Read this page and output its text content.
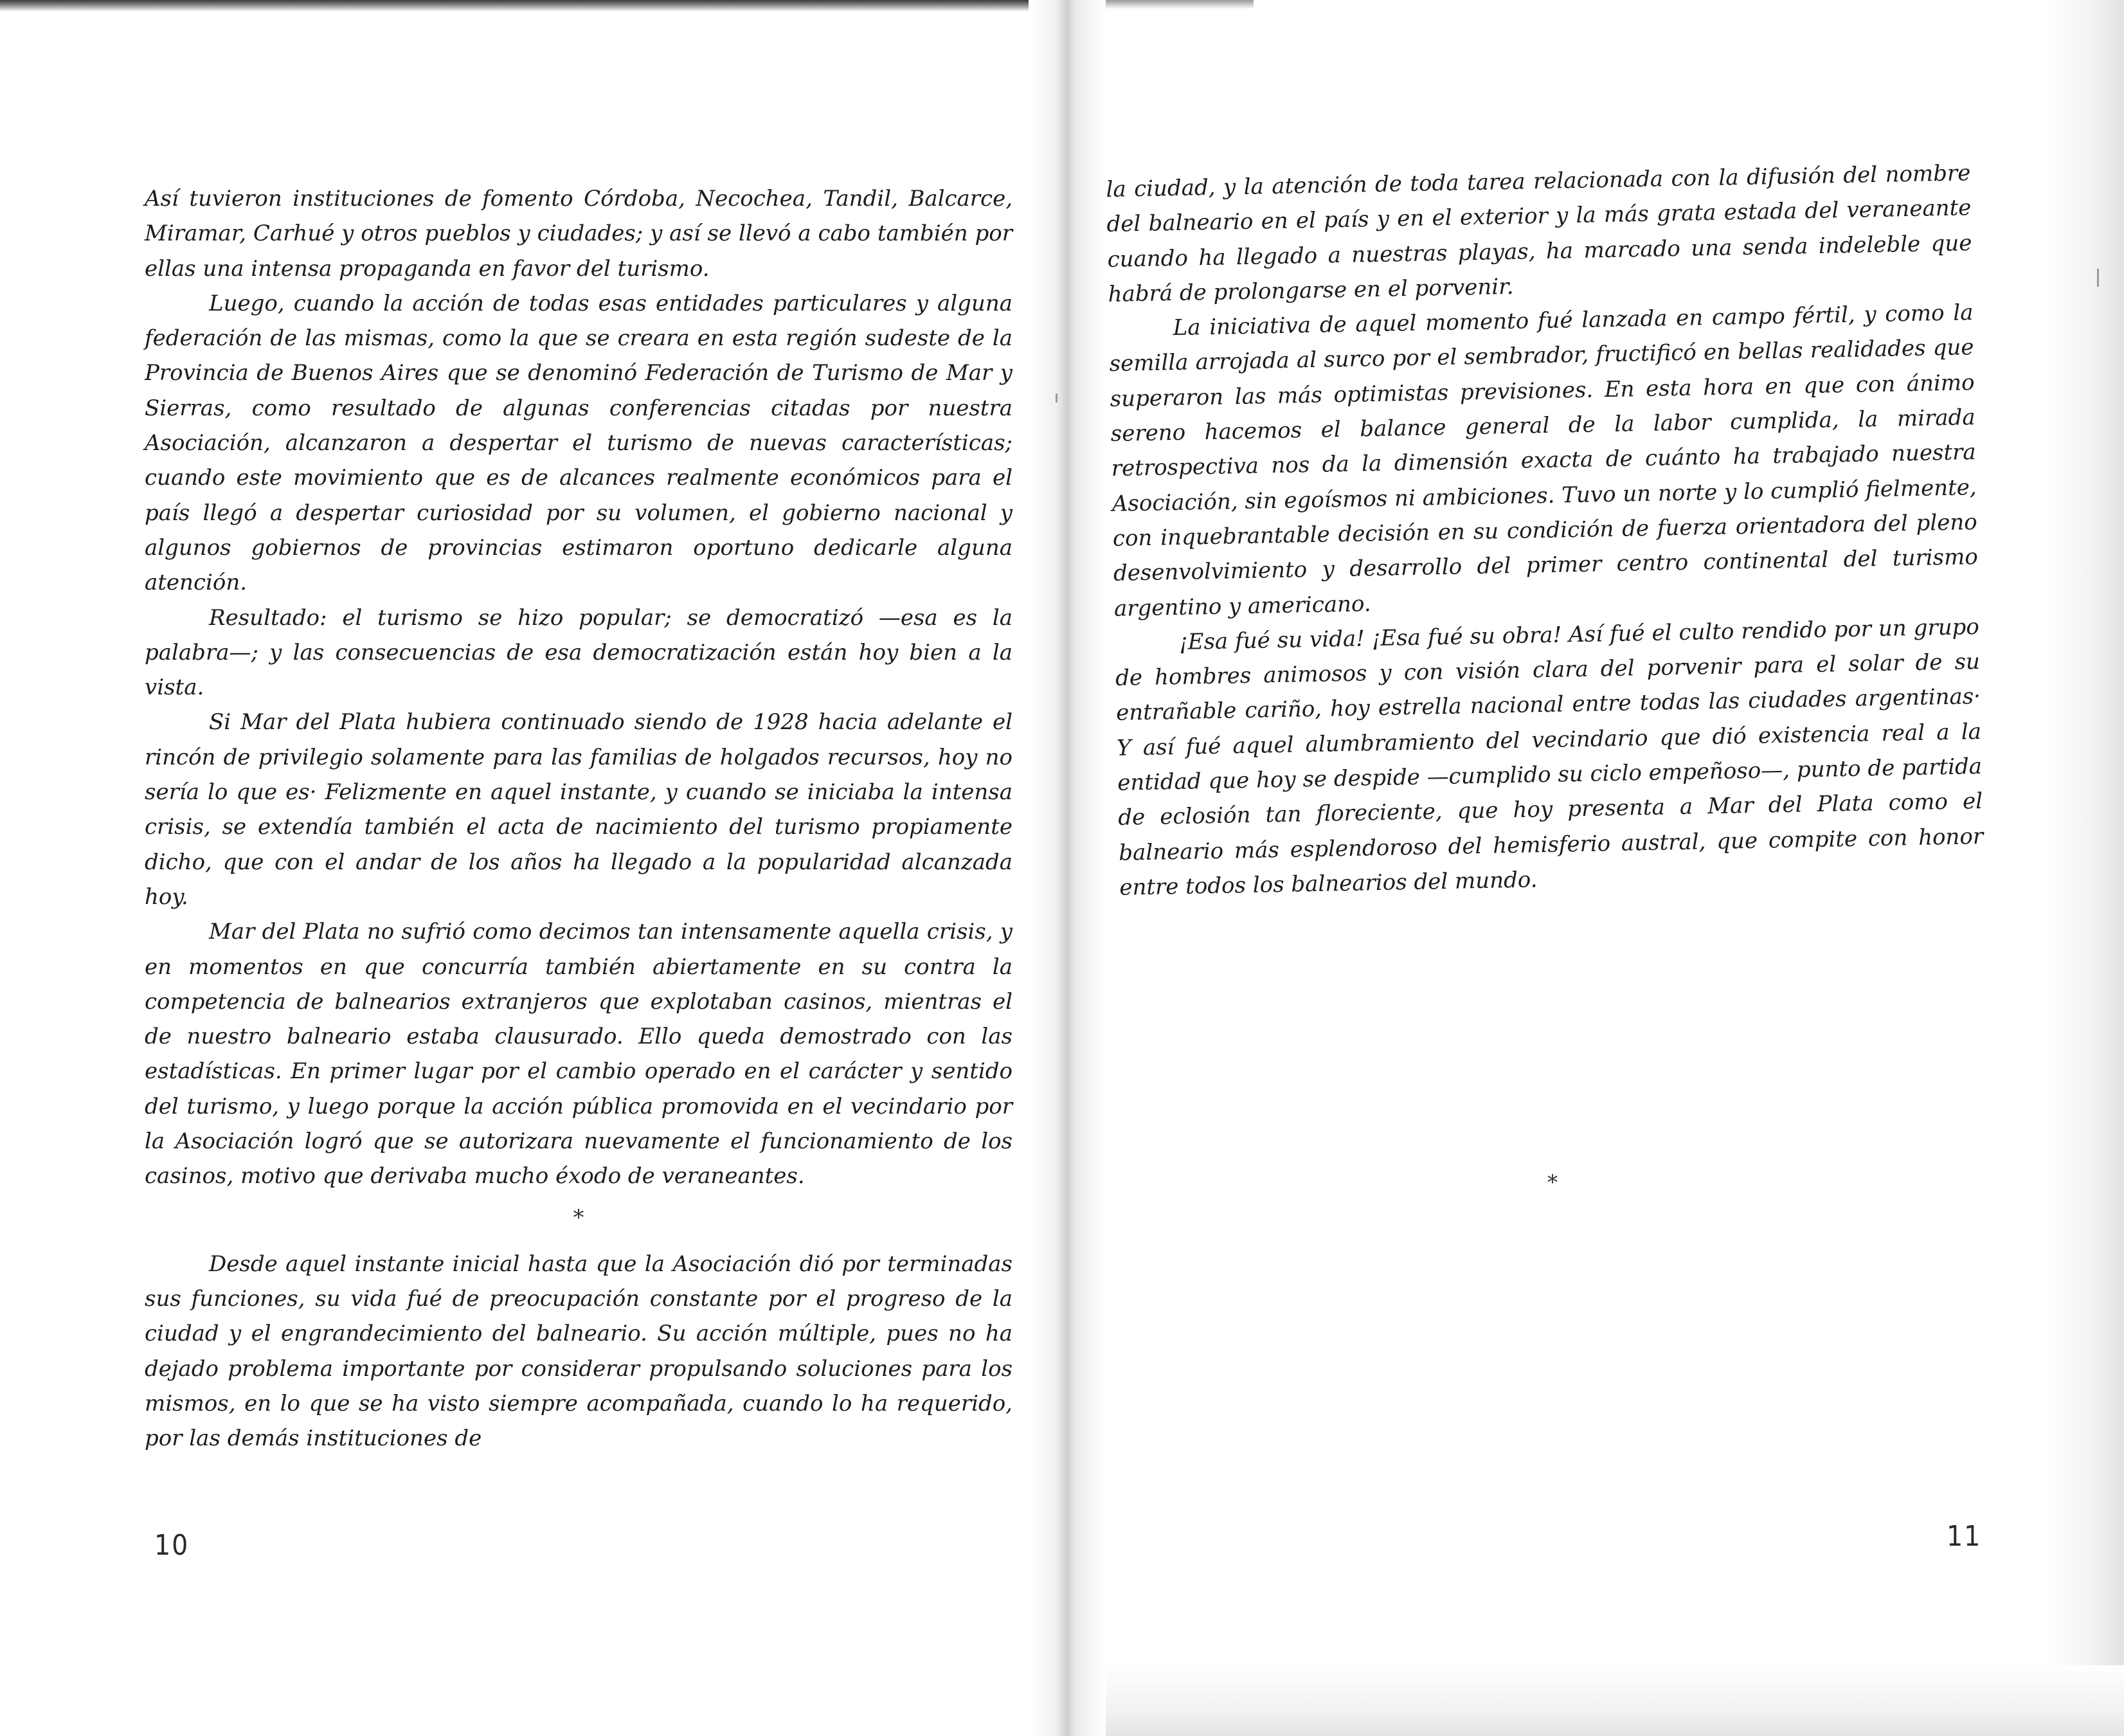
Así tuvieron instituciones de fomento Córdoba, Necochea, Tandil, Balcarce, Miramar, Carhué y otros pueblos y ciudades; y así se llevó a cabo también por ellas una intensa propaganda en favor del turismo.

Luego, cuando la acción de todas esas entidades particulares y alguna federación de las mismas, como la que se creara en esta región sudeste de la Provincia de Buenos Aires que se denominó Federación de Turismo de Mar y Sierras, como resultado de algunas conferencias citadas por nuestra Asociación, alcanzaron a despertar el turismo de nuevas características; cuando este movimiento que es de alcances realmente económicos para el país llegó a despertar curiosidad por su volumen, el gobierno nacional y algunos gobiernos de provincias estimaron oportuno dedicarle alguna atención.

Resultado: el turismo se hizo popular; se democratizó —esa es la palabra—; y las consecuencias de esa democratización están hoy bien a la vista.

Si Mar del Plata hubiera continuado siendo de 1928 hacia adelante el rincón de privilegio solamente para las familias de holgados recursos, hoy no sería lo que es· Felizmente en aquel instante, y cuando se iniciaba la intensa crisis, se extendía también el acta de nacimiento del turismo propiamente dicho, que con el andar de los años ha llegado a la popularidad alcanzada hoy.

Mar del Plata no sufrió como decimos tan intensamente aquella crisis, y en momentos en que concurría también abiertamente en su contra la competencia de balnearios extranjeros que explotaban casinos, mientras el de nuestro balneario estaba clausurado. Ello queda demostrado con las estadísticas. En primer lugar por el cambio operado en el carácter y sentido del turismo, y luego porque la acción pública promovida en el vecindario por la Asociación logró que se autorizara nuevamente el funcionamiento de los casinos, motivo que derivaba mucho éxodo de veraneantes.

*

Desde aquel instante inicial hasta que la Asociación dió por terminadas sus funciones, su vida fué de preocupación constante por el progreso de la ciudad y el engrandecimiento del balneario. Su acción múltiple, pues no ha dejado problema importante por considerar propulsando soluciones para los mismos, en lo que se ha visto siempre acompañada, cuando lo ha requerido, por las demás instituciones de

10

la ciudad, y la atención de toda tarea relacionada con la difusión del nombre del balneario en el país y en el exterior y la más grata estada del veraneante cuando ha llegado a nuestras playas, ha marcado una senda indeleble que habrá de prolongarse en el porvenir.

La iniciativa de aquel momento fué lanzada en campo fértil, y como la semilla arrojada al surco por el sembrador, fructificó en bellas realidades que superaron las más optimistas previsiones. En esta hora en que con ánimo sereno hacemos el balance general de la labor cumplida, la mirada retrospectiva nos da la dimensión exacta de cuánto ha trabajado nuestra Asociación, sin egoísmos ni ambiciones. Tuvo un norte y lo cumplió fielmente, con inquebrantable decisión en su condición de fuerza orientadora del pleno desenvolvimiento y desarrollo del primer centro continental del turismo argentino y americano.

¡Esa fué su vida! ¡Esa fué su obra! Así fué el culto rendido por un grupo de hombres animosos y con visión clara del porvenir para el solar de su entrañable cariño, hoy estrella nacional entre todas las ciudades argentinas· Y así fué aquel alumbramiento del vecindario que dió existencia real a la entidad que hoy se despide —cumplido su ciclo empeñoso—, punto de partida de eclosión tan floreciente, que hoy presenta a Mar del Plata como el balneario más esplendoroso del hemisferio austral, que compite con honor entre todos los balnearios del mundo.

*
11
